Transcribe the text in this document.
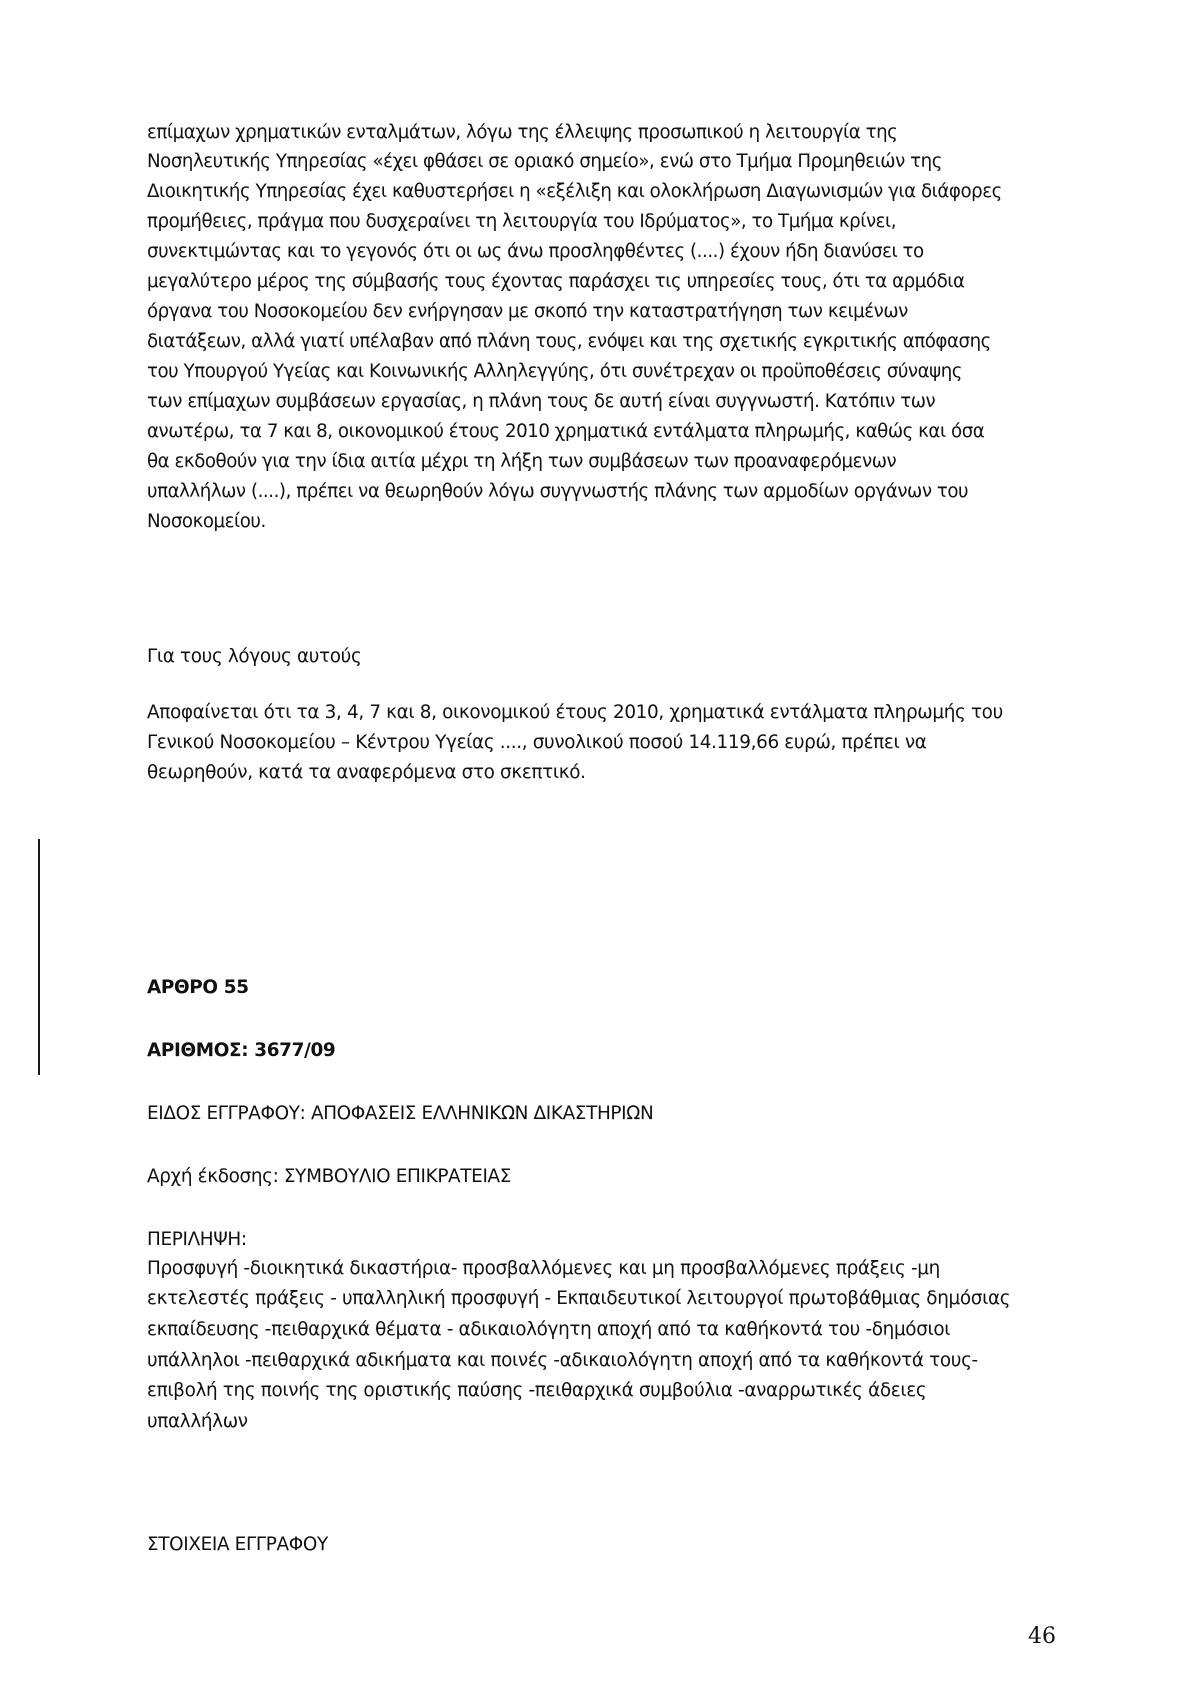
επίμαχων χρηματικών ενταλμάτων, λόγω της έλλειψης προσωπικού η λειτουργία της
Νοσηλευτικής Υπηρεσίας «έχει φθάσει σε οριακό σημείο», ενώ στο Τμήμα Προμηθειών της
Διοικητικής Υπηρεσίας έχει καθυστερήσει η «εξέλιξη και ολοκλήρωση Διαγωνισμών για διάφορες
προμήθειες, πράγμα που δυσχεραίνει τη λειτουργία του Ιδρύματος», το Τμήμα κρίνει,
συνεκτιμώντας και το γεγονός ότι οι ως άνω προσληφθέντες (....) έχουν ήδη διανύσει το
μεγαλύτερο μέρος της σύμβασής τους έχοντας παράσχει τις υπηρεσίες τους, ότι τα αρμόδια
όργανα του Νοσοκομείου δεν ενήργησαν με σκοπό την καταστρατήγηση των κειμένων
διατάξεων, αλλά γιατί υπέλαβαν από πλάνη τους, ενόψει και της σχετικής εγκριτικής απόφασης
του Υπουργού Υγείας και Κοινωνικής Αλληλεγγύης, ότι συνέτρεχαν οι προϋποθέσεις σύναψης
των επίμαχων συμβάσεων εργασίας, η πλάνη τους δε αυτή είναι συγγνωστή. Κατόπιν των
ανωτέρω, τα 7 και 8, οικονομικού έτους 2010 χρηματικά εντάλματα πληρωμής, καθώς και όσα
θα εκδοθούν για την ίδια αιτία μέχρι τη λήξη των συμβάσεων των προαναφερόμενων
υπαλλήλων (....), πρέπει να θεωρηθούν λόγω συγγνωστής πλάνης των αρμοδίων οργάνων του
Νοσοκομείου.
Για τους λόγους αυτούς
Αποφαίνεται ότι τα 3, 4, 7 και 8, οικονομικού έτους 2010, χρηματικά εντάλματα πληρωμής του
Γενικού Νοσοκομείου – Κέντρου Υγείας ...., συνολικού ποσού 14.119,66 ευρώ, πρέπει να
θεωρηθούν, κατά τα αναφερόμενα στο σκεπτικό.
ΑΡΘΡΟ 55
ΑΡΙΘΜΟΣ: 3677/09
ΕΙΔΟΣ ΕΓΓΡΑΦΟΥ: ΑΠΟΦΑΣΕΙΣ ΕΛΛΗΝΙΚΩΝ ΔΙΚΑΣΤΗΡΙΩΝ
Αρχή έκδοσης: ΣΥΜΒΟΥΛΙΟ ΕΠΙΚΡΑΤΕΙΑΣ
ΠΕΡΙΛΗΨΗ:
Προσφυγή -διοικητικά δικαστήρια- προσβαλλόμενες και μη προσβαλλόμενες πράξεις -μη
εκτελεστές πράξεις - υπαλληλική προσφυγή - Εκπαιδευτικοί λειτουργοί πρωτοβάθμιας δημόσιας
εκπαίδευσης -πειθαρχικά θέματα - αδικαιολόγητη αποχή από τα καθήκοντά του -δημόσιοι
υπάλληλοι -πειθαρχικά αδικήματα και ποινές -αδικαιολόγητη αποχή από τα καθήκοντά τους-
επιβολή της ποινής της οριστικής παύσης -πειθαρχικά συμβούλια -αναρρωτικές άδειες
υπαλλήλων
ΣΤΟΙΧΕΙΑ ΕΓΓΡΑΦΟΥ
46
